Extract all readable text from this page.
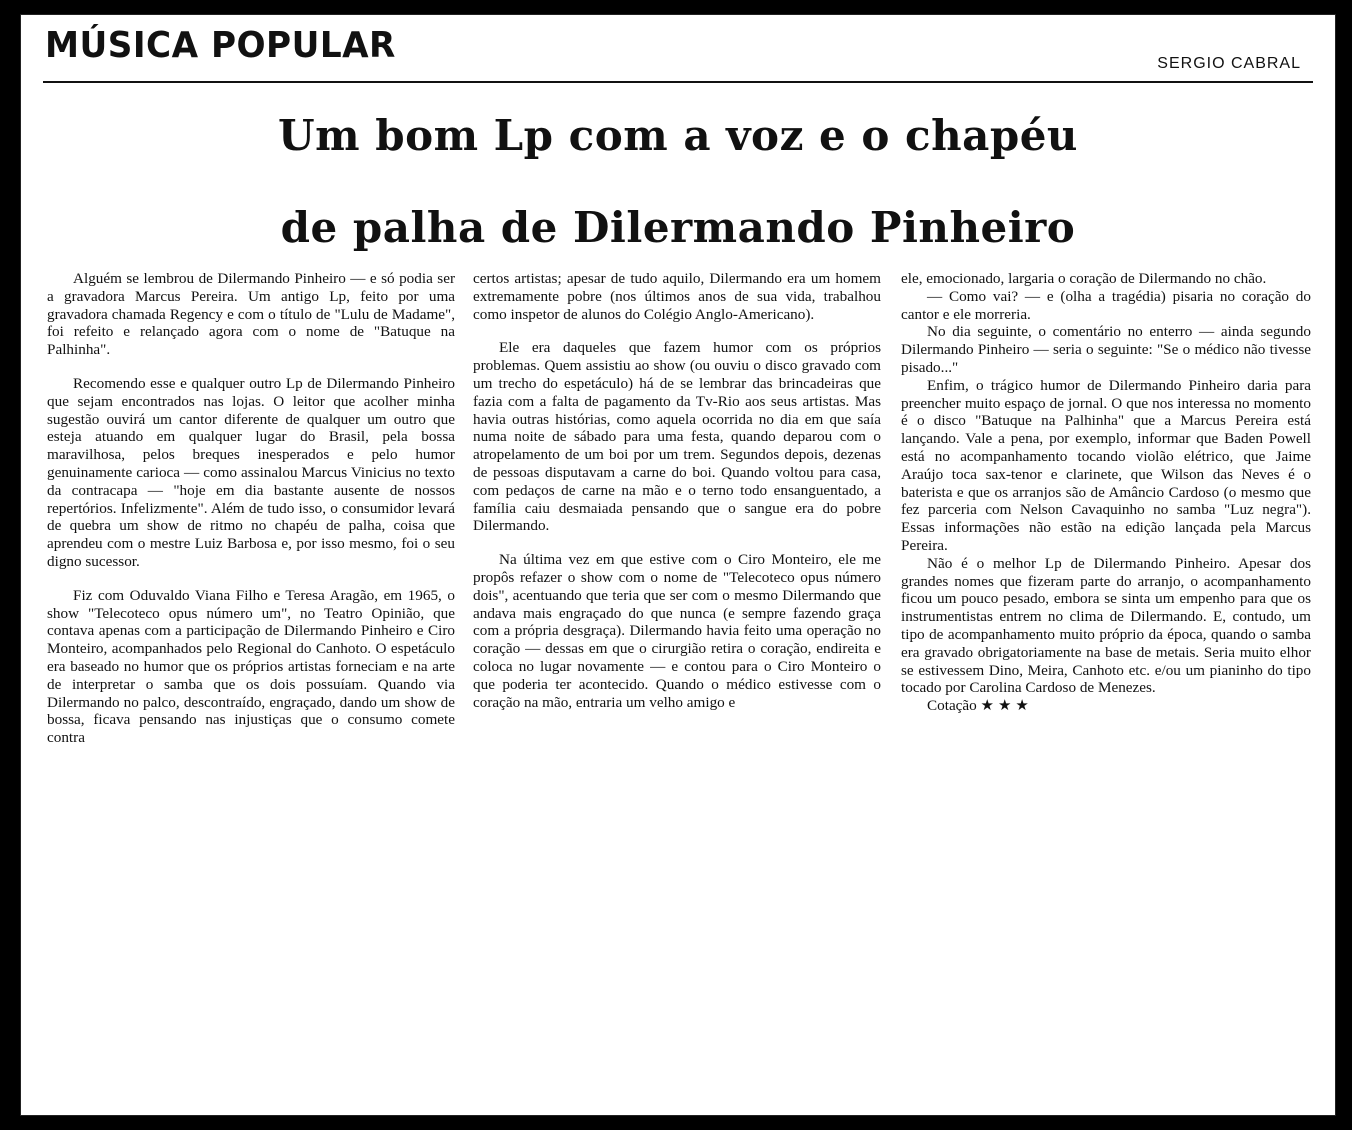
MÚSICA POPULAR	SERGIO CABRAL
Um bom Lp com a voz e o chapéu
de palha de Dilermando Pinheiro

Alguém se lembrou de Dilermando Pinheiro — e só podia ser a gravadora Marcus Pereira. Um antigo Lp, feito por uma gravadora chamada Regency e com o título de "Lulu de Madame", foi refeito e relançado agora com o nome de "Batuque na Palhinha".

Recomendo esse e qualquer outro Lp de Dilermando Pinheiro que sejam encontrados nas lojas. O leitor que acolher minha sugestão ouvirá um cantor diferente de qualquer um outro que esteja atuando em qualquer lugar do Brasil, pela bossa maravilhosa, pelos breques inesperados e pelo humor genuinamente carioca — como assinalou Marcus Vinicius no texto da contracapa — "hoje em dia bastante ausente de nossos repertórios. Infelizmente". Além de tudo isso, o consumidor levará de quebra um show de ritmo no chapéu de palha, coisa que aprendeu com o mestre Luiz Barbosa e, por isso mesmo, foi o seu digno sucessor.

Fiz com Oduvaldo Viana Filho e Teresa Aragão, em 1965, o show "Telecoteco opus número um", no Teatro Opinião, que contava apenas com a participação de Dilermando Pinheiro e Ciro Monteiro, acompanhados pelo Regional do Canhoto. O espetáculo era baseado no humor que os próprios artistas forneciam e na arte de interpretar o samba que os dois possuíam. Quando via Dilermando no palco, descontraído, engraçado, dando um show de bossa, ficava pensando nas injustiças que o consumo comete contra

certos artistas; apesar de tudo aquilo, Dilermando era um homem extremamente pobre (nos últimos anos de sua vida, trabalhou como inspetor de alunos do Colégio Anglo-Americano).

Ele era daqueles que fazem humor com os próprios problemas. Quem assistiu ao show (ou ouviu o disco gravado com um trecho do espetáculo) há de se lembrar das brincadeiras que fazia com a falta de pagamento da Tv-Rio aos seus artistas. Mas havia outras histórias, como aquela ocorrida no dia em que saía numa noite de sábado para uma festa, quando deparou com o atropelamento de um boi por um trem. Segundos depois, dezenas de pessoas disputavam a carne do boi. Quando voltou para casa, com pedaços de carne na mão e o terno todo ensanguentado, a família caiu desmaiada pensando que o sangue era do pobre Dilermando.

Na última vez em que estive com o Ciro Monteiro, ele me propôs refazer o show com o nome de "Telecoteco opus número dois", acentuando que teria que ser com o mesmo Dilermando que andava mais engraçado do que nunca (e sempre fazendo graça com a própria desgraça). Dilermando havia feito uma operação no coração — dessas em que o cirurgião retira o coração, endireita e coloca no lugar novamente — e contou para o Ciro Monteiro o que poderia ter acontecido. Quando o médico estivesse com o coração na mão, entraria um velho amigo e

ele, emocionado, largaria o coração de Dilermando no chão.

— Como vai? — e (olha a tragédia) pisaria no coração do cantor e ele morreria.

No dia seguinte, o comentário no enterro — ainda segundo Dilermando Pinheiro — seria o seguinte: "Se o médico não tivesse pisado..."

Enfim, o trágico humor de Dilermando Pinheiro daria para preencher muito espaço de jornal. O que nos interessa no momento é o disco "Batuque na Palhinha" que a Marcus Pereira está lançando. Vale a pena, por exemplo, informar que Baden Powell está no acompanhamento tocando violão elétrico, que Jaime Araújo toca sax-tenor e clarinete, que Wilson das Neves é o baterista e que os arranjos são de Amâncio Cardoso (o mesmo que fez parceria com Nelson Cavaquinho no samba "Luz negra"). Essas informações não estão na edição lançada pela Marcus Pereira.

Não é o melhor Lp de Dilermando Pinheiro. Apesar dos grandes nomes que fizeram parte do arranjo, o acompanhamento ficou um pouco pesado, embora se sinta um empenho para que os instrumentistas entrem no clima de Dilermando. E, contudo, um tipo de acompanhamento muito próprio da época, quando o samba era gravado obrigatoriamente na base de metais. Seria muito elhor se estivessem Dino, Meira, Canhoto etc. e/ou um pianinho do tipo tocado por Carolina Cardoso de Menezes.

Cotação ★ ★ ★
